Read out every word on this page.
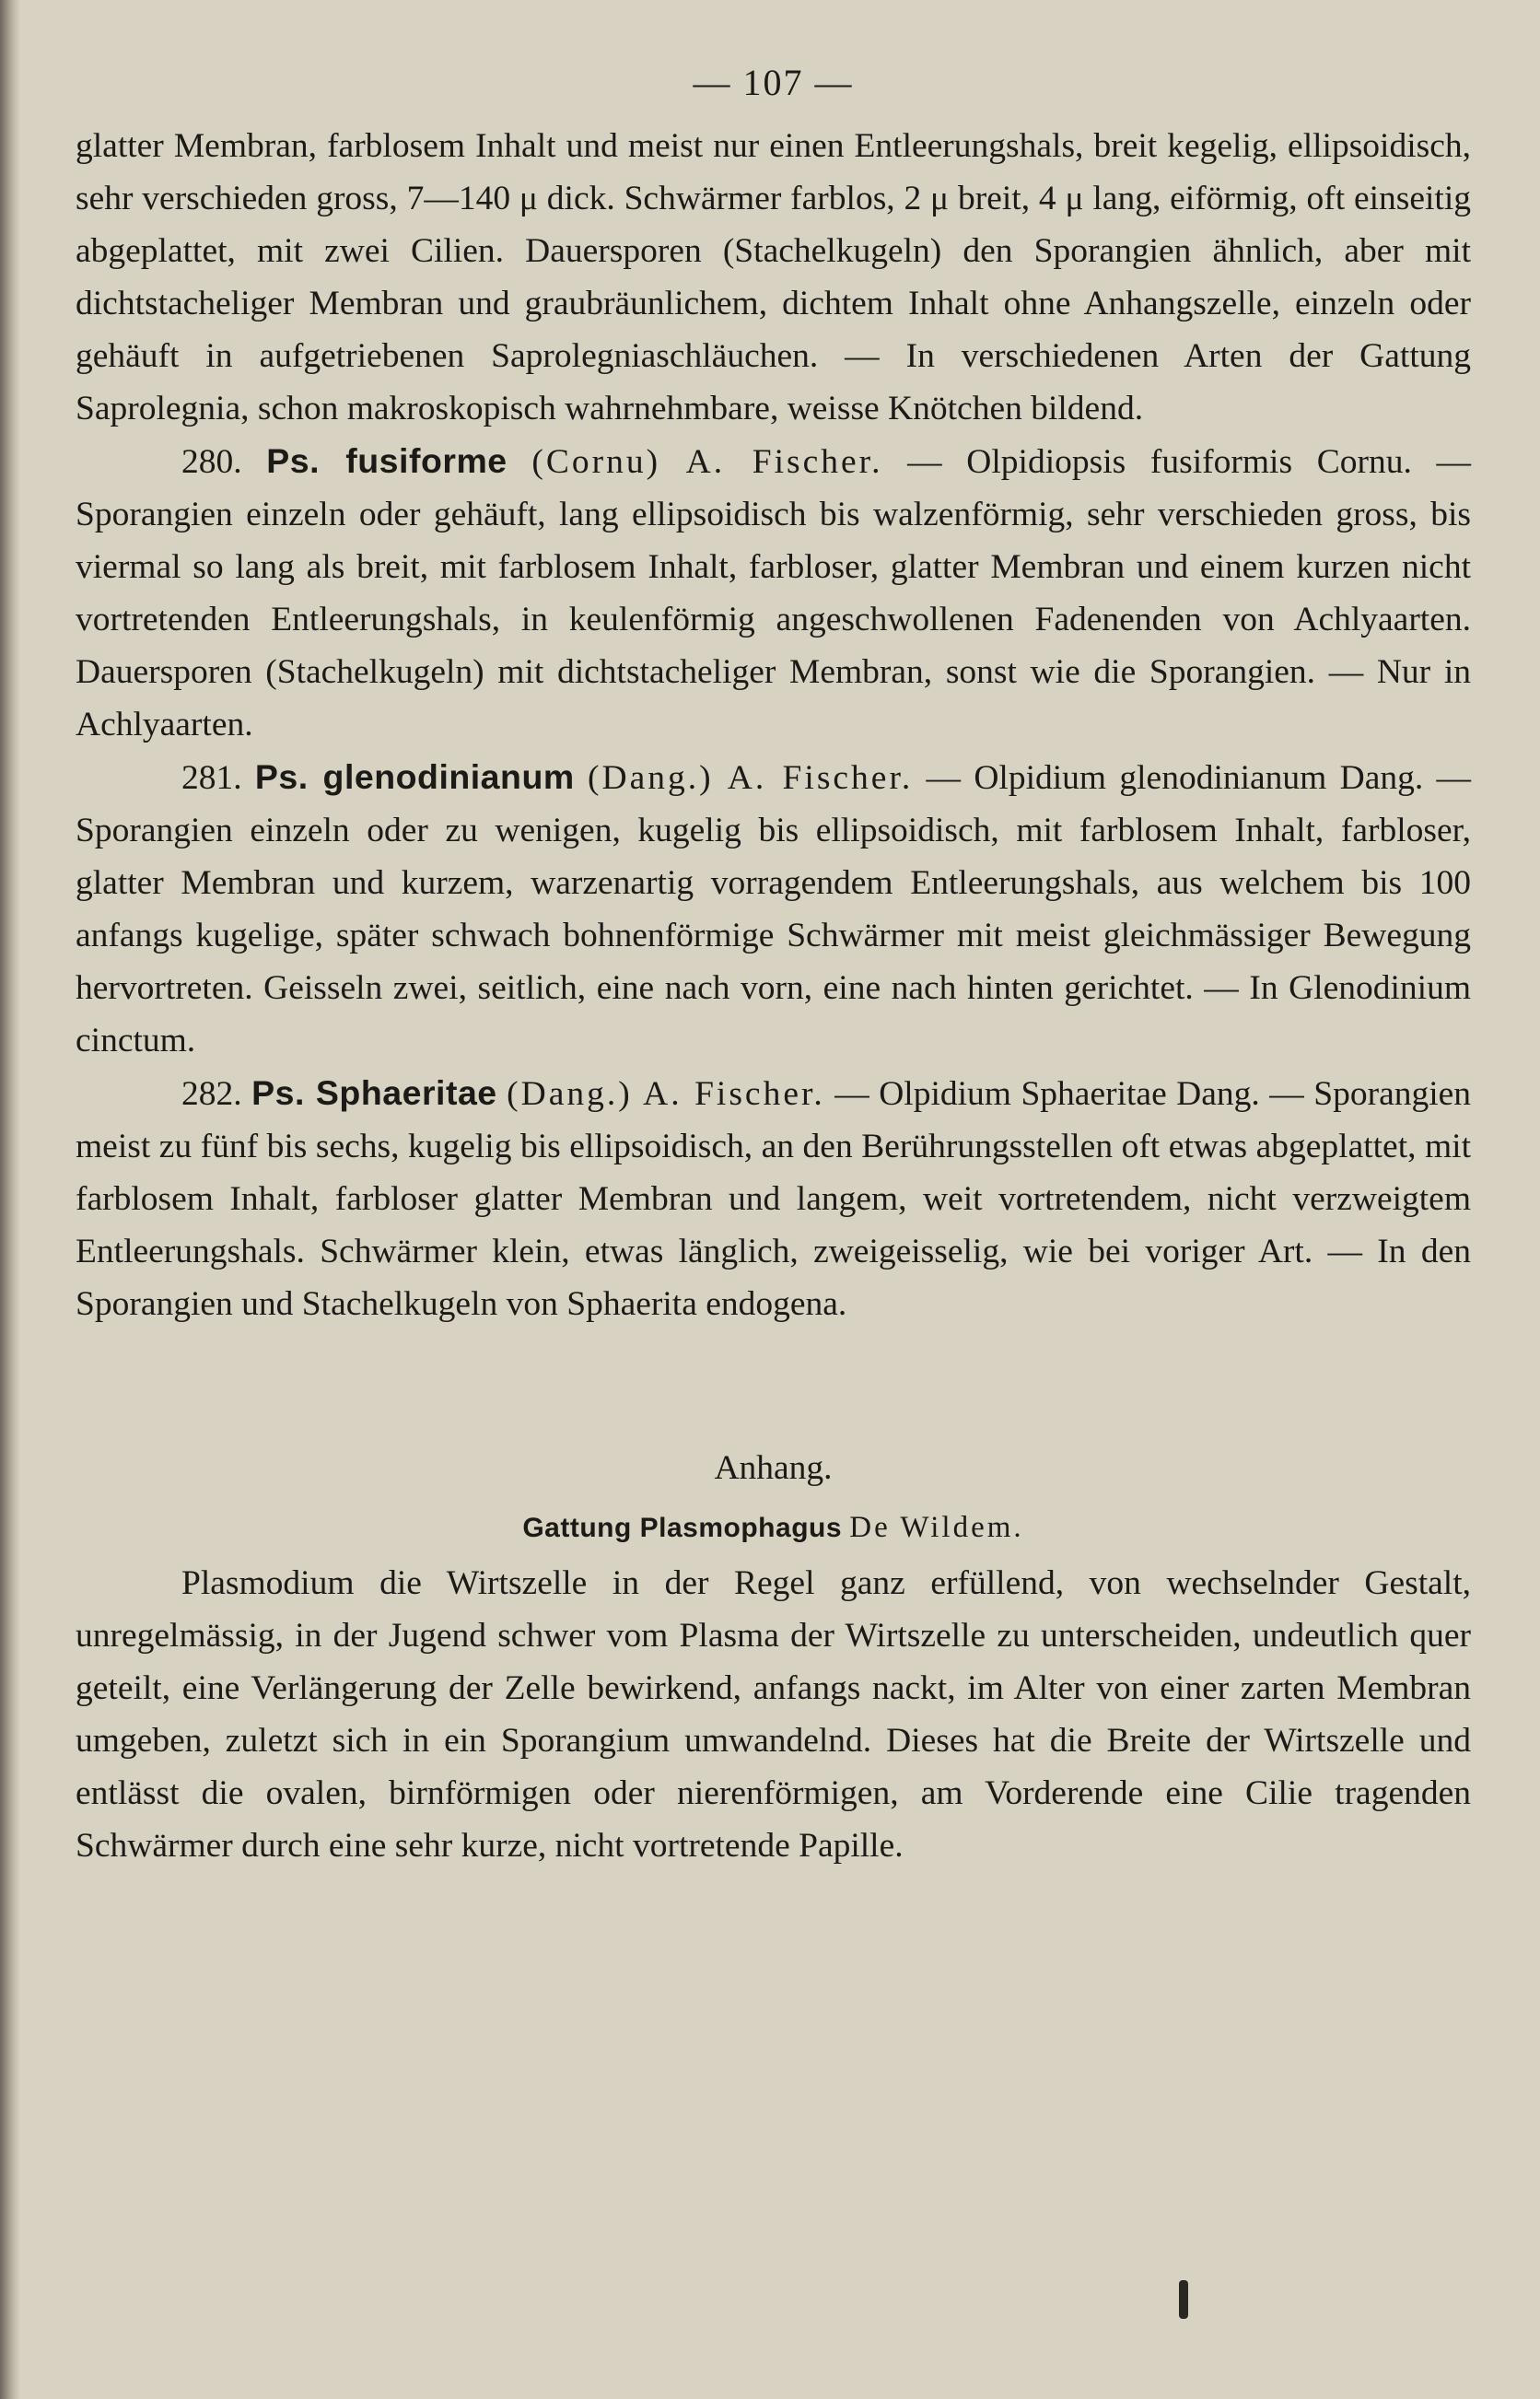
— 107 —

glatter Membran, farblosem Inhalt und meist nur einen Entleerungshals, breit kegelig, ellipsoidisch, sehr verschieden gross, 7—140 μ dick. Schwärmer farblos, 2 μ breit, 4 μ lang, eiförmig, oft einseitig abgeplattet, mit zwei Cilien. Dauersporen (Stachelkugeln) den Sporangien ähnlich, aber mit dichtstacheliger Membran und graubräunlichem, dichtem Inhalt ohne Anhangszelle, einzeln oder gehäuft in aufgetriebenen Saprolegniaschläuchen. — In verschiedenen Arten der Gattung Saprolegnia, schon makroskopisch wahrnehmbare, weisse Knötchen bildend.

280. Ps. fusiforme (Cornu) A. Fischer. — Olpidiopsis fusiformis Cornu. — Sporangien einzeln oder gehäuft, lang ellipsoidisch bis walzenförmig, sehr verschieden gross, bis viermal so lang als breit, mit farblosem Inhalt, farbloser, glatter Membran und einem kurzen nicht vortretenden Entleerungshals, in keulenförmig angeschwollenen Fadenenden von Achlyaarten. Dauersporen (Stachelkugeln) mit dichtstacheliger Membran, sonst wie die Sporangien. — Nur in Achlyaarten.

281. Ps. glenodinianum (Dang.) A. Fischer. — Olpidium glenodinianum Dang. — Sporangien einzeln oder zu wenigen, kugelig bis ellipsoidisch, mit farblosem Inhalt, farbloser, glatter Membran und kurzem, warzenartig vorragendem Entleerungshals, aus welchem bis 100 anfangs kugelige, später schwach bohnenförmige Schwärmer mit meist gleichmässiger Bewegung hervortreten. Geisseln zwei, seitlich, eine nach vorn, eine nach hinten gerichtet. — In Glenodinium cinctum.

282. Ps. Sphaeritae (Dang.) A. Fischer. — Olpidium Sphaeritae Dang. — Sporangien meist zu fünf bis sechs, kugelig bis ellipsoidisch, an den Berührungsstellen oft etwas abgeplattet, mit farblosem Inhalt, farbloser glatter Membran und langem, weit vortretendem, nicht verzweigtem Entleerungshals. Schwärmer klein, etwas länglich, zweigeisselig, wie bei voriger Art. — In den Sporangien und Stachelkugeln von Sphaerita endogena.

Anhang.
Gattung Plasmophagus De Wildem.

Plasmodium die Wirtszelle in der Regel ganz erfüllend, von wechselnder Gestalt, unregelmässig, in der Jugend schwer vom Plasma der Wirtszelle zu unterscheiden, undeutlich quer geteilt, eine Verlängerung der Zelle bewirkend, anfangs nackt, im Alter von einer zarten Membran umgeben, zuletzt sich in ein Sporangium umwandelnd. Dieses hat die Breite der Wirtszelle und entlässt die ovalen, birnförmigen oder nierenförmigen, am Vorderende eine Cilie tragenden Schwärmer durch eine sehr kurze, nicht vortretende Papille.
